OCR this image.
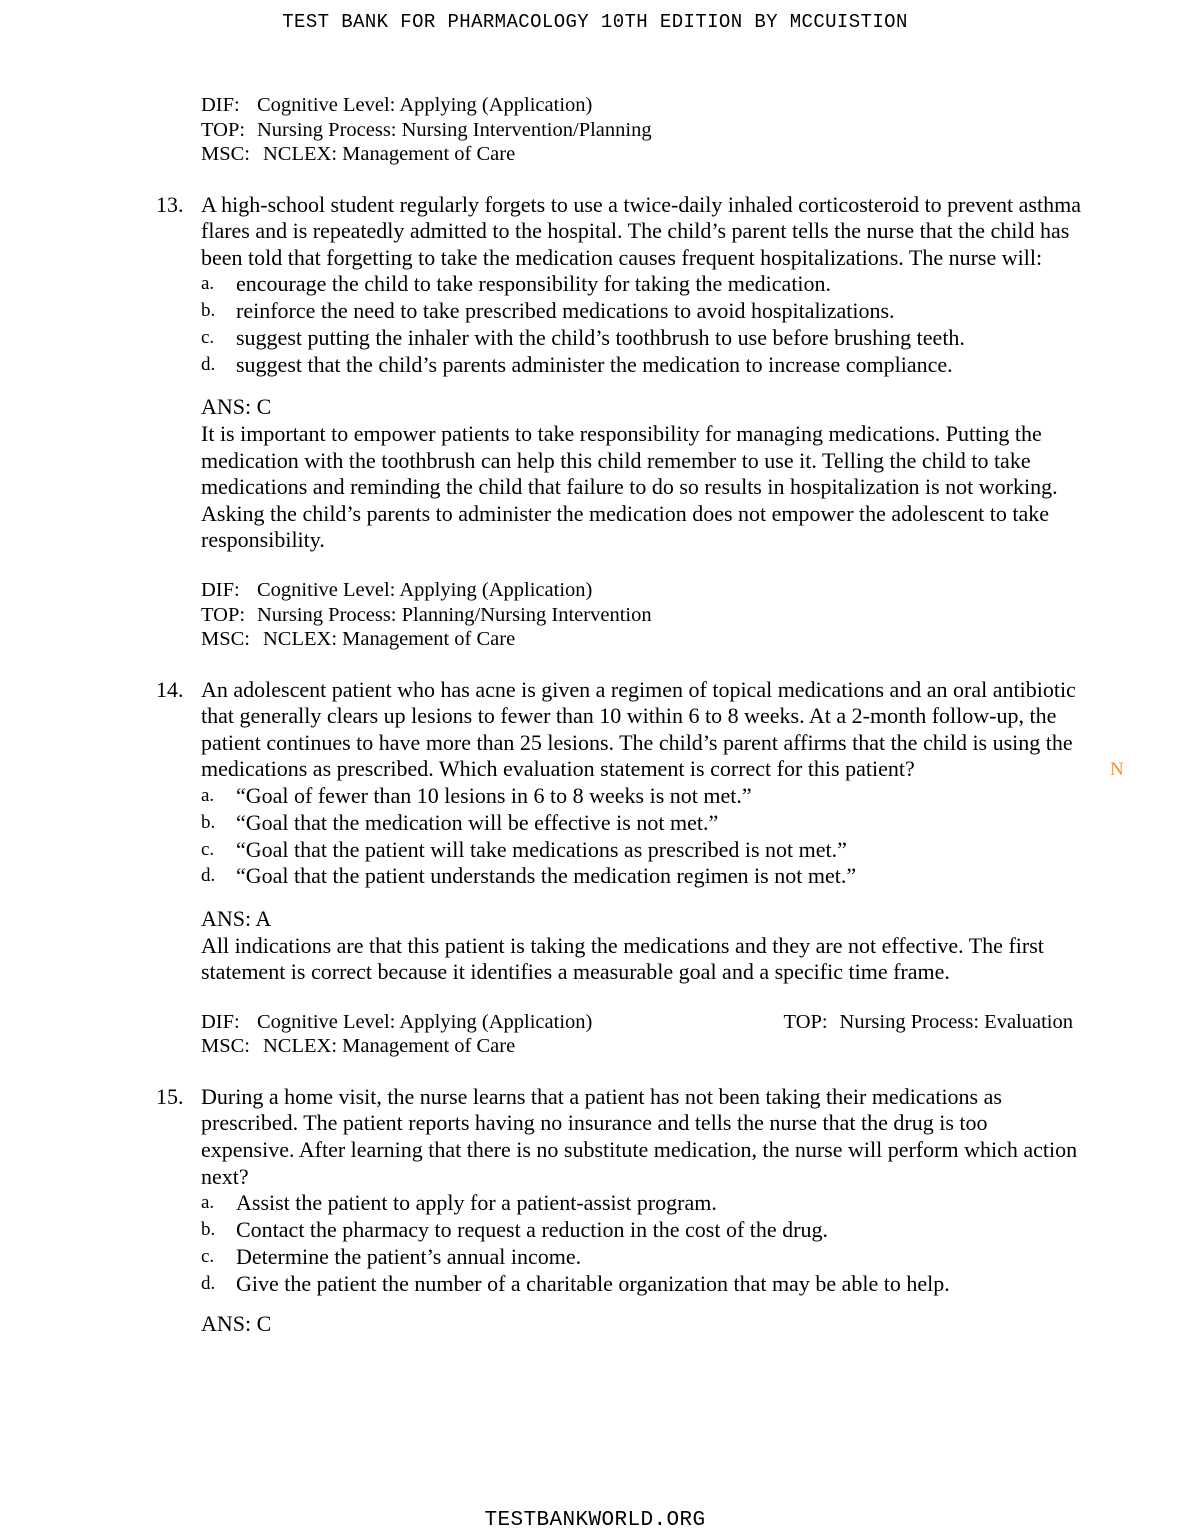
TEST BANK FOR PHARMACOLOGY 10TH EDITION BY MCCUISTION
DIF: Cognitive Level: Applying (Application)
TOP: Nursing Process: Nursing Intervention/Planning
MSC: NCLEX: Management of Care
13. A high-school student regularly forgets to use a twice-daily inhaled corticosteroid to prevent asthma flares and is repeatedly admitted to the hospital. The child’s parent tells the nurse that the child has been told that forgetting to take the medication causes frequent hospitalizations. The nurse will:
a. encourage the child to take responsibility for taking the medication.
b. reinforce the need to take prescribed medications to avoid hospitalizations.
c. suggest putting the inhaler with the child’s toothbrush to use before brushing teeth.
d. suggest that the child’s parents administer the medication to increase compliance.
ANS: C
It is important to empower patients to take responsibility for managing medications. Putting the medication with the toothbrush can help this child remember to use it. Telling the child to take medications and reminding the child that failure to do so results in hospitalization is not working. Asking the child’s parents to administer the medication does not empower the adolescent to take responsibility.
DIF: Cognitive Level: Applying (Application)
TOP: Nursing Process: Planning/Nursing Intervention
MSC: NCLEX: Management of Care
14. An adolescent patient who has acne is given a regimen of topical medications and an oral antibiotic that generally clears up lesions to fewer than 10 within 6 to 8 weeks. At a 2-month follow-up, the patient continues to have more than 25 lesions. The child’s parent affirms that the child is using the medications as prescribed. Which evaluation statement is correct for this patient?
a. “Goal of fewer than 10 lesions in 6 to 8 weeks is not met.”
b. “Goal that the medication will be effective is not met.”
c. “Goal that the patient will take medications as prescribed is not met.”
d. “Goal that the patient understands the medication regimen is not met.”
ANS: A
All indications are that this patient is taking the medications and they are not effective. The first statement is correct because it identifies a measurable goal and a specific time frame.
DIF: Cognitive Level: Applying (Application)	TOP: Nursing Process: Evaluation
MSC: NCLEX: Management of Care
15. During a home visit, the nurse learns that a patient has not been taking their medications as prescribed. The patient reports having no insurance and tells the nurse that the drug is too expensive. After learning that there is no substitute medication, the nurse will perform which action next?
a. Assist the patient to apply for a patient-assist program.
b. Contact the pharmacy to request a reduction in the cost of the drug.
c. Determine the patient’s annual income.
d. Give the patient the number of a charitable organization that may be able to help.
ANS: C
N
TESTBANKWORLD.ORG
